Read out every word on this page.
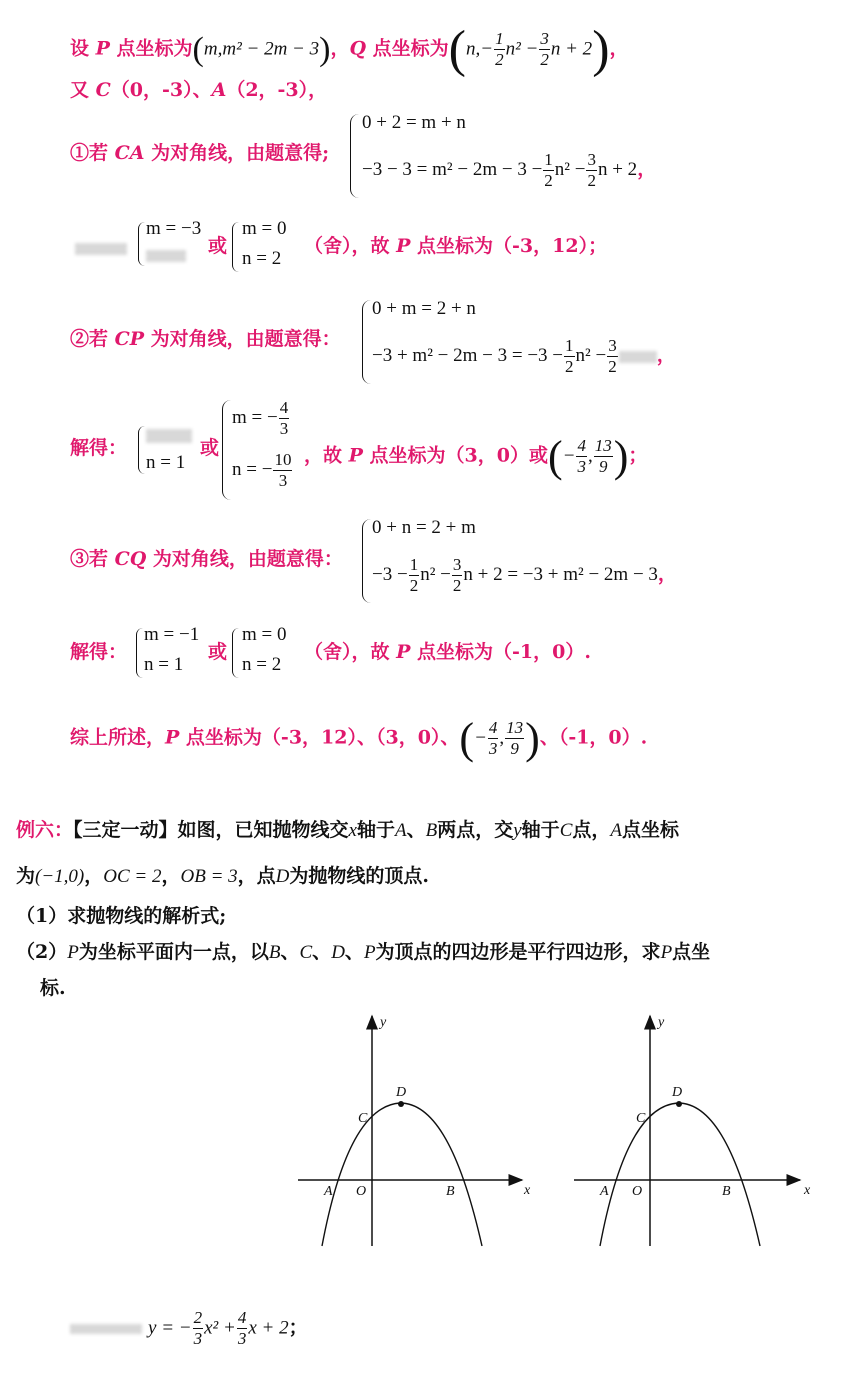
设 P 点坐标为(m,m² − 2m − 3)，Q 点坐标为($n,- \frac{1}{2} n^2 - \frac{3}{2}$ n + 2)，
又 C（0，-3）、A（2，-3），
①若 CA 为对角线，由题意得;
0 + 2 = m + n
$-3 - 3 = m^2 - 2m - 3 - \frac{1}{2} n^2 - \frac{3}{2}$ n + 2，
m = −3
或
m = 0
n = 2
（舍），故 P 点坐标为（-3，12）；
②若 CP 为对角线，由题意得：
0 + m = 2 + n
$-3 + m^2 - 2m - 3 = -3 - \frac{1}{2} n^2 - \frac{3}{2}$ ，
解得：
n = 1
或
m = − $\frac{4}{3}$
n = − $\frac{10}{3}$ ，故 P 点坐标为（3，0）或(− $\frac{4}{3}$ , $\frac{13}{9}$ )；
③若 CQ 为对角线，由题意得：
0 + n = 2 + m
$-3 - \frac{1}{2} n^2 - \frac{3}{2}$ n + 2 = −3 + m² − 2m − 3，
解得：
m = −1
n = 1
或
m = 0
n = 2
（舍），故 P 点坐标为（-1，0）.
综上所述，P 点坐标为（-3，12）、（3，0）、(− $\frac{4}{3}$ , $\frac{13}{9}$ )、（-1，0）.
例六：【三定一动】如图，已知抛物线交x轴于A、B两点，交y轴于C点，A点坐标
为(−1,0)，OC = 2，OB = 3，点D为抛物线的顶点.
（1）求抛物线的解析式;
（2）P为坐标平面内一点，以B、C、D、P为顶点的四边形是平行四边形，求P点坐
标.
y
x
D
C
A O	B
y
x
D
C
A O	B
y = − $\frac{2}{3} x^2 + \frac{4}{3}$ x + 2；
